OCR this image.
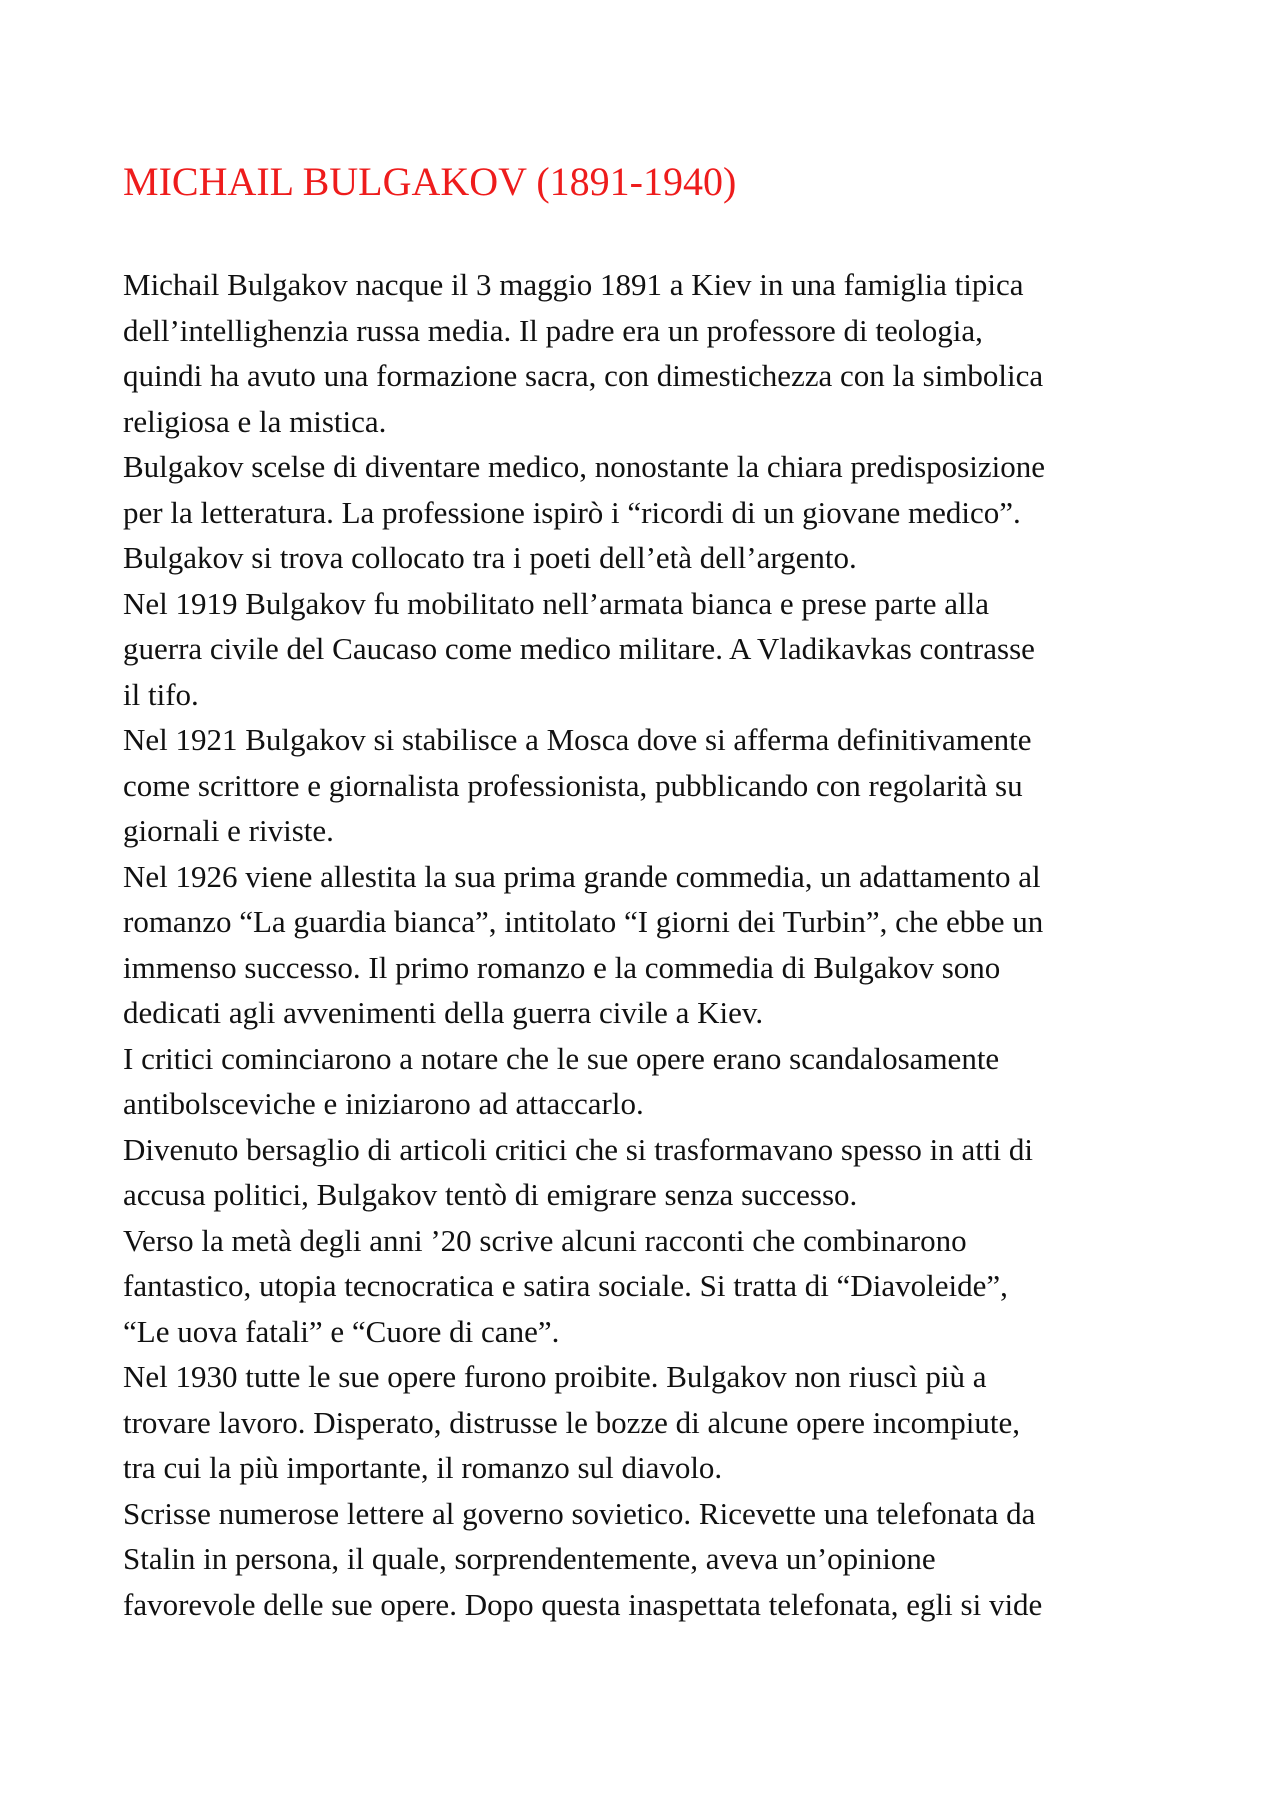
MICHAIL BULGAKOV (1891-1940)
Michail Bulgakov nacque il 3 maggio 1891 a Kiev in una famiglia tipica
dell’intellighenzia russa media. Il padre era un professore di teologia,
quindi ha avuto una formazione sacra, con dimestichezza con la simbolica
religiosa e la mistica.
Bulgakov scelse di diventare medico, nonostante la chiara predisposizione
per la letteratura. La professione ispirò i “ricordi di un giovane medico”.
Bulgakov si trova collocato tra i poeti dell’età dell’argento.
Nel 1919 Bulgakov fu mobilitato nell’armata bianca e prese parte alla
guerra civile del Caucaso come medico militare. A Vladikavkas contrasse
il tifo.
Nel 1921 Bulgakov si stabilisce a Mosca dove si afferma definitivamente
come scrittore e giornalista professionista, pubblicando con regolarità su
giornali e riviste.
Nel 1926 viene allestita la sua prima grande commedia, un adattamento al
romanzo “La guardia bianca”, intitolato “I giorni dei Turbin”, che ebbe un
immenso successo. Il primo romanzo e la commedia di Bulgakov sono
dedicati agli avvenimenti della guerra civile a Kiev.
I critici cominciarono a notare che le sue opere erano scandalosamente
antibolsceviche e iniziarono ad attaccarlo.
Divenuto bersaglio di articoli critici che si trasformavano spesso in atti di
accusa politici, Bulgakov tentò di emigrare senza successo.
Verso la metà degli anni ’20 scrive alcuni racconti che combinarono
fantastico, utopia tecnocratica e satira sociale. Si tratta di “Diavoleide”,
“Le uova fatali” e “Cuore di cane”.
Nel 1930 tutte le sue opere furono proibite. Bulgakov non riuscì più a
trovare lavoro. Disperato, distrusse le bozze di alcune opere incompiute,
tra cui la più importante, il romanzo sul diavolo.
Scrisse numerose lettere al governo sovietico. Ricevette una telefonata da
Stalin in persona, il quale, sorprendentemente, aveva un’opinione
favorevole delle sue opere. Dopo questa inaspettata telefonata, egli si vide
